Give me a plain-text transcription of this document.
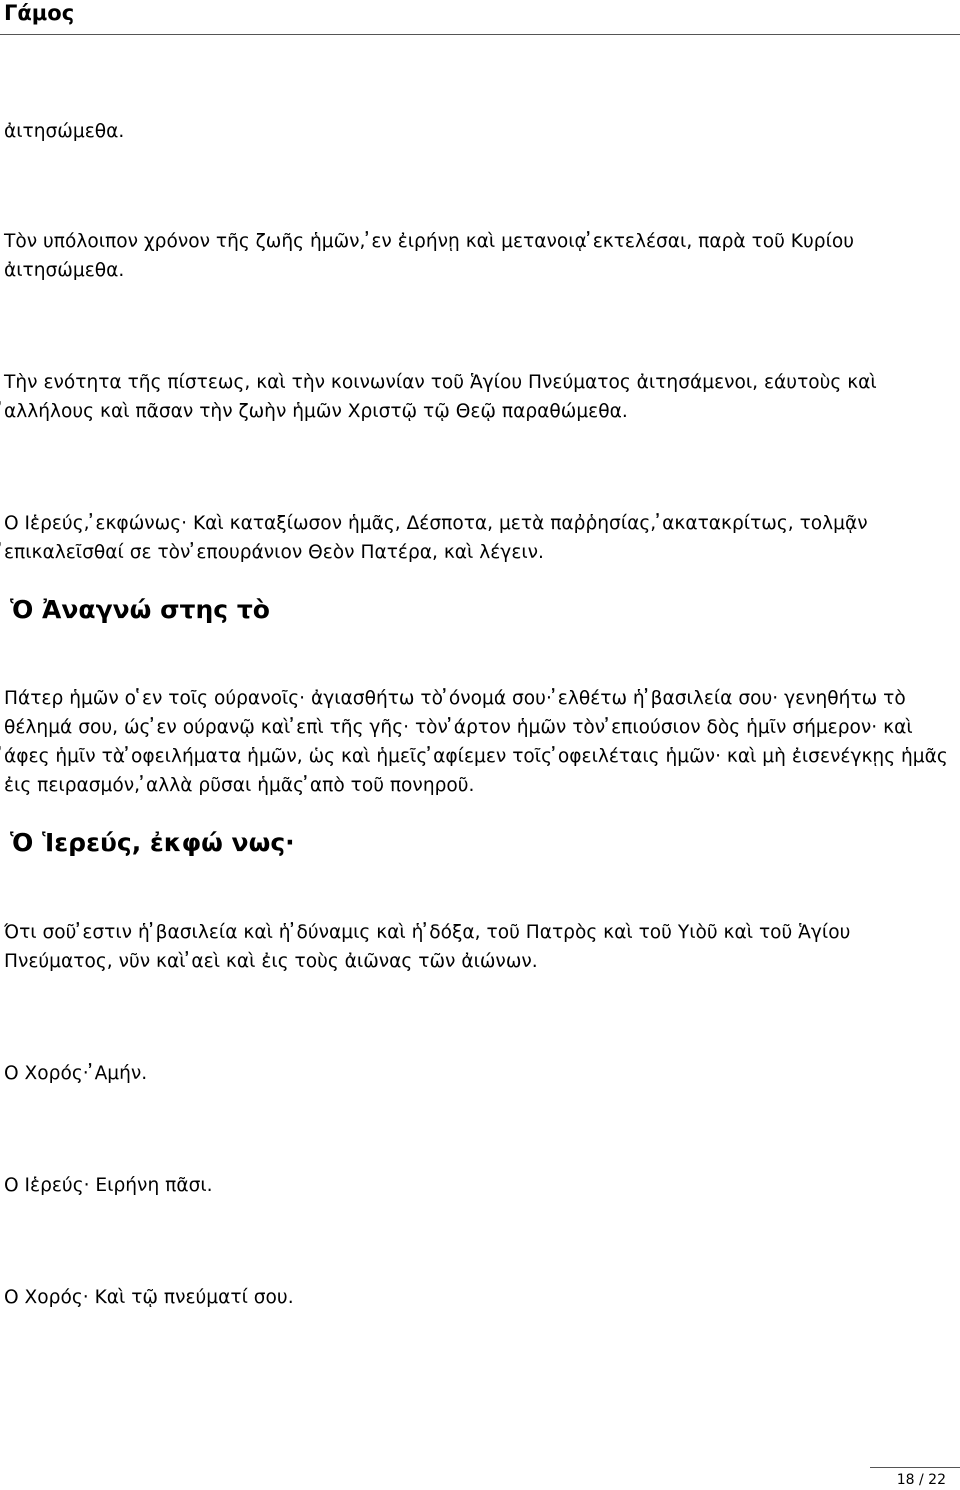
Γάμος

ἀιτησώμεθα.

Τὸν υπόλοιπον χρόνον τῆς ζωῆς ἡμῶν, ̓εν ἐιρήνῃ καὶ μετανοιᾳ ̓εκτελέσαι, παρὰ τοῦ Κυρίου ἀιτησώμεθα.

Τὴν ενότητα τῆς πίστεως, καὶ τὴν κοινωνίαν τοῦ Ἁγίου Πνεύματος ἀιτησάμενοι, εάυτοὺς καὶ ̓αλλήλους καὶ πᾶσαν τὴν ζωὴν ἡμῶν Χριστῷ τῷ Θεῷ παραθώμεθα.

Ο Ιἑρεύς, ̓εκφώνως· Καὶ καταξίωσον ἡμᾶς, Δέσποτα, μετὰ παῤῥησίας, ̓ακατακρίτως, τολμᾷν ̓επικαλεῖσθαί σε τὸν ̓επουράνιον Θεὸν Πατέρα, καὶ λέγειν.

Ὁ Ἀναγνώ στης τὸ

Πάτερ ἡμῶν ο ̔εν τοῖς ούρανοῖς· ἀγιασθήτω τὸ ̓όνομά σου· ̓ελθέτω ἡ ̓βασιλεία σου· γενηθήτω τὸ θέλημά σου, ώς ̓εν ούρανῷ καὶ ̓επὶ τῆς γῆς· τὸν ̓άρτον ἡμῶν τὸν ̓επιούσιον δὸς ἡμῖν σήμερον· καὶ ̓άφες ἡμῖν τὰ ̓οφειλήματα ἡμῶν, ὡς καὶ ἡμεῖς ̓αφίεμεν τοῖς ̓οφειλέταις ἡμῶν· καὶ μὴ ἐισενέγκῃς ἡμᾶς ἐις πειρασμόν, ̓αλλὰ ρῦσαι ἡμᾶς ̓απὸ τοῦ πονηροῦ.

Ὁ Ἱερεύς, ἐκφώ νως·

Ότι σοῦ ̓εστιν ἡ ̓βασιλεία καὶ ἡ ̓δύναμις καὶ ἡ ̓δόξα, τοῦ Πατρὸς καὶ τοῦ Υιὸῦ καὶ τοῦ Ἁγίου Πνεύματος, νῦν καὶ ̓αεὶ καὶ ἐις τοὺς ἀιῶνας τῶν ἀιώνων.

Ο Χορός· ̓Αμήν.

Ο Ιἑρεύς· Ειρήνη πᾶσι.

Ο Χορός· Καὶ τῷ πνεύματί σου.

18 / 22
